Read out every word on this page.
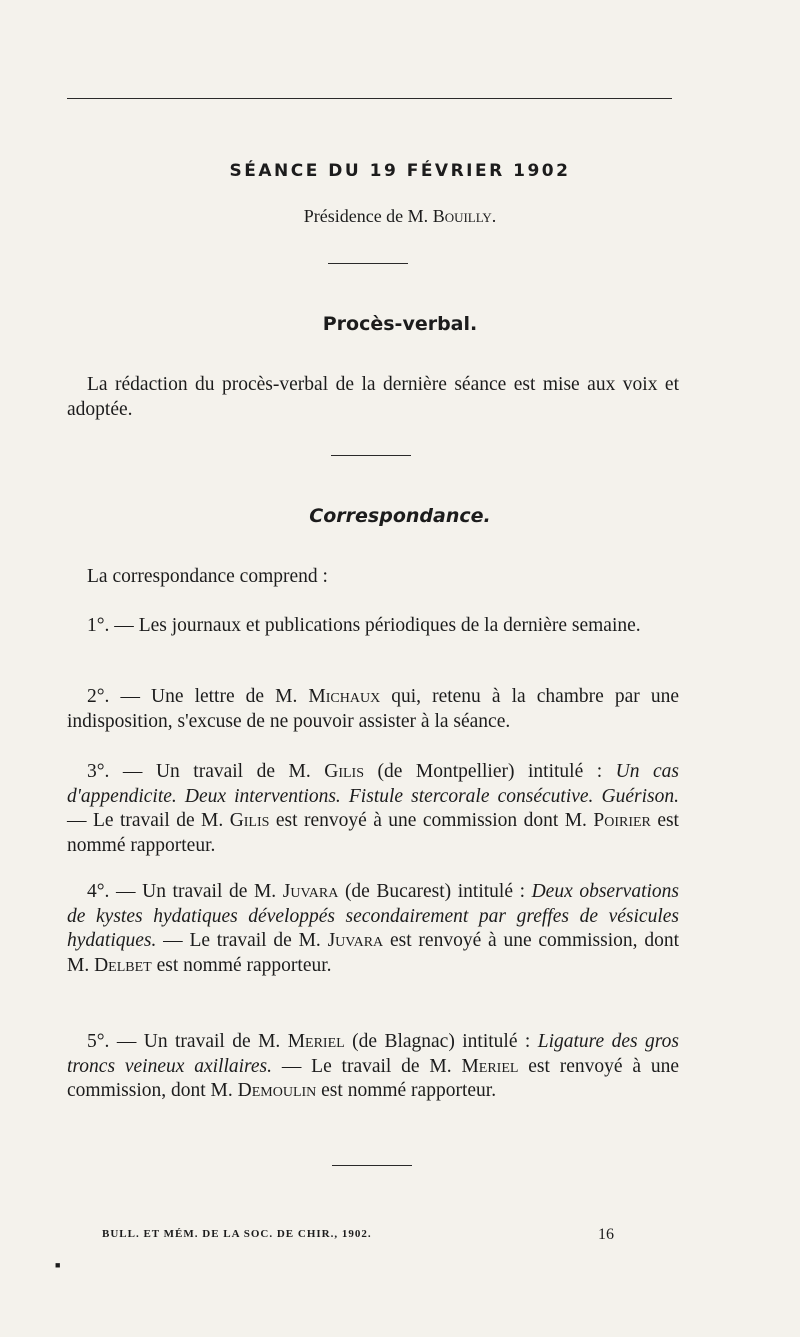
SÉANCE DU 19 FÉVRIER 1902
Présidence de M. Bouilly.
Procès-verbal.
La rédaction du procès-verbal de la dernière séance est mise aux voix et adoptée.
Correspondance.
La correspondance comprend :
1°. — Les journaux et publications périodiques de la dernière semaine.
2°. — Une lettre de M. Michaux qui, retenu à la chambre par une indisposition, s'excuse de ne pouvoir assister à la séance.
3°. — Un travail de M. Gilis (de Montpellier) intitulé : Un cas d'appendicite. Deux interventions. Fistule stercorale consécutive. Guérison. — Le travail de M. Gilis est renvoyé à une commission dont M. Poirier est nommé rapporteur.
4°. — Un travail de M. Juvara (de Bucarest) intitulé : Deux observations de kystes hydatiques développés secondairement par greffes de vésicules hydatiques. — Le travail de M. Juvara est renvoyé à une commission, dont M. Delbet est nommé rapporteur.
5°. — Un travail de M. Meriel (de Blagnac) intitulé : Ligature des gros troncs veineux axillaires. — Le travail de M. Meriel est renvoyé à une commission, dont M. Demoulin est nommé rapporteur.
BULL. ET MÉM. DE LA SOC. DE CHIR., 1902.	16
■
